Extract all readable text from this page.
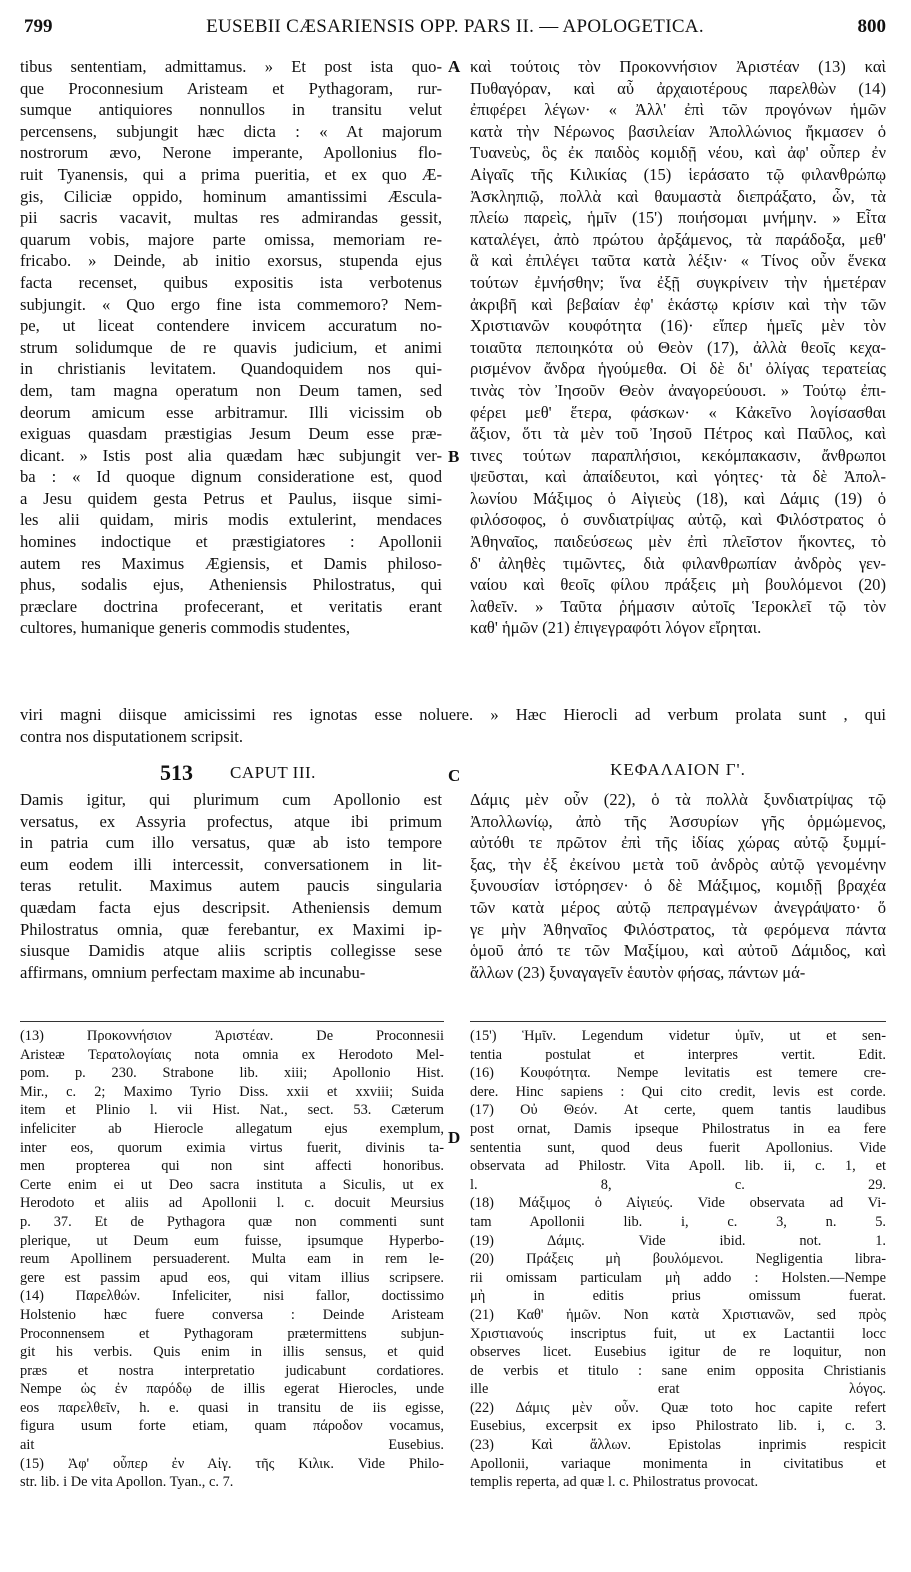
799	EUSEBII CÆSARIENSIS OPP. PARS II. — APOLOGETICA.	800
A
B
C
D
tibus sententiam, admittamus. » Et post ista quo-
que Proconnesium Aristeam et Pythagoram, rur-
sumque antiquiores nonnullos in transitu velut
percensens, subjungit hæc dicta : « At majorum
nostrorum ævo, Nerone imperante, Apollonius flo-
ruit Tyanensis, qui a prima pueritia, et ex quo Æ-
gis, Ciliciæ oppido, hominum amantissimi Æscula-
pii sacris vacavit, multas res admirandas gessit,
quarum vobis, majore parte omissa, memoriam re-
fricabo. » Deinde, ab initio exorsus, stupenda ejus
facta recenset, quibus expositis ista verbotenus
subjungit. « Quo ergo fine ista commemoro? Nem-
pe, ut liceat contendere invicem accuratum no-
strum solidumque de re quavis judicium, et animi
in christianis levitatem. Quandoquidem nos qui-
dem, tam magna operatum non Deum tamen, sed
deorum amicum esse arbitramur. Illi vicissim ob
exiguas quasdam præstigias Jesum Deum esse præ-
dicant. » Istis post alia quædam hæc subjungit ver-
ba : « Id quoque dignum consideratione est, quod
a Jesu quidem gesta Petrus et Paulus, iisque simi-
les alii quidam, miris modis extulerint, mendaces
homines indoctique et præstigiatores : Apollonii
autem res Maximus Ægiensis, et Damis philoso-
phus, sodalis ejus, Atheniensis Philostratus, qui
præclare doctrina profecerant, et veritatis erant
cultores, humanique generis commodis studentes,
καὶ τούτοις τὸν Προκοννήσιον Ἀριστέαν (13) καὶ
Πυθαγόραν, καὶ αὖ ἀρχαιοτέρους παρελθὼν (14)
ἐπιφέρει λέγων· « Ἀλλ' ἐπὶ τῶν προγόνων ἡμῶν
κατὰ τὴν Νέρωνος βασιλείαν Ἀπολλώνιος ἤκμασεν ὁ
Τυανεὺς, ὃς ἐκ παιδὸς κομιδῇ νέου, καὶ ἀφ' οὗπερ ἐν
Αἰγαῖς τῆς Κιλικίας (15) ἱεράσατο τῷ φιλανθρώπῳ
Ἀσκληπιῷ, πολλὰ καὶ θαυμαστὰ διεπράξατο, ὧν, τὰ
πλείω παρεὶς, ἡμῖν (15') ποιήσομαι μνήμην. » Εἶτα
καταλέγει, ἀπὸ πρώτου ἀρξάμενος, τὰ παράδοξα, μεθ'
ἃ καὶ ἐπιλέγει ταῦτα κατὰ λέξιν· « Τίνος οὖν ἕνεκα
τούτων ἐμνήσθην; ἵνα ἐξῇ συγκρίνειν τὴν ἡμετέραν
ἀκριβῆ καὶ βεβαίαν ἐφ' ἑκάστῳ κρίσιν καὶ τὴν τῶν
Χριστιανῶν κουφότητα (16)· εἴπερ ἡμεῖς μὲν τὸν
τοιαῦτα πεποιηκότα οὐ Θεὸν (17), ἀλλὰ θεοῖς κεχα-
ρισμένον ἄνδρα ἡγούμεθα. Οἱ δὲ δι' ὀλίγας τερατείας
τινὰς τὸν Ἰησοῦν Θεὸν ἀναγορεύουσι. » Τούτῳ ἐπι-
φέρει μεθ' ἕτερα, φάσκων· « Κἀκεῖνο λογίσασθαι
ἄξιον, ὅτι τὰ μὲν τοῦ Ἰησοῦ Πέτρος καὶ Παῦλος, καὶ
τινες τούτων παραπλήσιοι, κεκόμπακασιν, ἄνθρωποι
ψεῦσται, καὶ ἀπαίδευτοι, καὶ γόητες· τὰ δὲ Ἀπολ-
λωνίου Μάξιμος ὁ Αἰγιεὺς (18), καὶ Δάμις (19) ὁ
φιλόσοφος, ὁ συνδιατρίψας αὐτῷ, καὶ Φιλόστρατος ὁ
Ἀθηναῖος, παιδεύσεως μὲν ἐπὶ πλεῖστον ἥκοντες, τὸ
δ' ἀληθὲς τιμῶντες, διὰ φιλανθρωπίαν ἀνδρὸς γεν-
ναίου καὶ θεοῖς φίλου πράξεις μὴ βουλόμενοι (20)
λαθεῖν. » Ταῦτα ῥήμασιν αὐτοῖς Ἱεροκλεῖ τῷ τὸν
καθ' ἡμῶν (21) ἐπιγεγραφότι λόγον εἴρηται.
viri magni diisque amicissimi res ignotas esse noluere. » Hæc Hierocli ad verbum prolata sunt , qui
contra nos disputationem scripsit.
513 CAPUT III.	ΚΕΦΑΛΑΙΟΝ Γ'.
Damis igitur, qui plurimum cum Apollonio est
versatus, ex Assyria profectus, atque ibi primum
in patria cum illo versatus, quæ ab isto tempore
eum eodem illi intercessit, conversationem in lit-
teras retulit. Maximus autem paucis singularia
quædam facta ejus descripsit. Atheniensis demum
Philostratus omnia, quæ ferebantur, ex Maximi ip-
siusque Damidis atque aliis scriptis collegisse sese
affirmans, omnium perfectam maxime ab incunabu-
Δάμις μὲν οὖν (22), ὁ τὰ πολλὰ ξυνδιατρίψας τῷ
Ἀπολλωνίῳ, ἀπὸ τῆς Ἀσσυρίων γῆς ὁρμώμενος,
αὐτόθι τε πρῶτον ἐπὶ τῆς ἰδίας χώρας αὐτῷ ξυμμί-
ξας, τὴν ἐξ ἐκείνου μετὰ τοῦ ἀνδρὸς αὐτῷ γενομένην
ξυνουσίαν ἱστόρησεν· ὁ δὲ Μάξιμος, κομιδῇ βραχέα
τῶν κατὰ μέρος αὐτῷ πεπραγμένων ἀνεγράψατο· ὅ
γε μὴν Ἀθηναῖος Φιλόστρατος, τὰ φερόμενα πάντα
ὁμοῦ ἀπό τε τῶν Μαξίμου, καὶ αὐτοῦ Δάμιδος, καὶ
ἄλλων (23) ξυναγαγεῖν ἑαυτὸν φήσας, πάντων μά-
(13) Προκοννήσιον Ἀριστέαν. De Proconnesii
Aristeæ Τερατολογίαις nota omnia ex Herodoto Mel-
pom. p. 230. Strabone lib. xiii; Apollonio Hist.
Mir., c. 2; Maximo Tyrio Diss. xxii et xxviii; Suida
item et Plinio l. vii Hist. Nat., sect. 53. Cæterum
infeliciter ab Hierocle allegatum ejus exemplum,
inter eos, quorum eximia virtus fuerit, divinis ta-
men propterea qui non sint affecti honoribus.
Certe enim ei ut Deo sacra instituta a Siculis, ut ex
Herodoto et aliis ad Apollonii l. c. docuit Meursius
p. 37. Et de Pythagora quæ non commenti sunt
plerique, ut Deum eum fuisse, ipsumque Hyperbo-
reum Apollinem persuaderent. Multa eam in rem le-
gere est passim apud eos, qui vitam illius scripsere.
(14) Παρελθών. Infeliciter, nisi fallor, doctissimo
Holstenio hæc fuere conversa : Deinde Aristeam
Proconnensem et Pythagoram prætermittens subjun-
git his verbis. Quis enim in illis sensus, et quid
præs et nostra interpretatio judicabunt cordatiores.
Nempe ὡς ἐν παρόδῳ de illis egerat Hierocles, unde
eos παρελθεῖν, h. e. quasi in transitu de iis egisse,
figura usum forte etiam, quam πάροδον vocamus,
ait Eusebius.
(15) Ἀφ' οὗπερ ἐν Αἰγ. τῆς Κιλικ. Vide Philo-
str. lib. i De vita Apollon. Tyan., c. 7.
(15') Ἡμῖν. Legendum videtur ὑμῖν, ut et sen-
tentia postulat et interpres vertit. Edit.
(16) Κουφότητα. Nempe levitatis est temere cre-
dere. Hinc sapiens : Qui cito credit, levis est corde.
(17) Οὐ Θεόν. At certe, quem tantis laudibus
post ornat, Damis ipseque Philostratus in ea fere
sententia sunt, quod deus fuerit Apollonius. Vide
observata ad Philostr. Vita Apoll. lib. ii, c. 1, et
l. 8, c. 29.
(18) Μάξιμος ὁ Αἰγιεύς. Vide observata ad Vi-
tam Apollonii lib. i, c. 3, n. 5.
(19) Δάμις. Vide ibid. not. 1.
(20) Πράξεις μὴ βουλόμενοι. Negligentia libra-
rii omissam particulam μὴ addo : Holsten.—Nempe
μὴ in editis prius omissum fuerat.
(21) Καθ' ἡμῶν. Non κατὰ Χριστιανῶν, sed πρὸς
Χριστιανούς inscriptus fuit, ut ex Lactantii locc
observes licet. Eusebius igitur de re loquitur, non
de verbis et titulo : sane enim opposita Christianis
ille erat λόγος.
(22) Δάμις μὲν οὖν. Quæ toto hoc capite refert
Eusebius, excerpsit ex ipso Philostrato lib. i, c. 3.
(23) Καὶ ἄλλων. Epistolas inprimis respicit
Apollonii, variaque monimenta in civitatibus et
templis reperta, ad quæ l. c. Philostratus provocat.
